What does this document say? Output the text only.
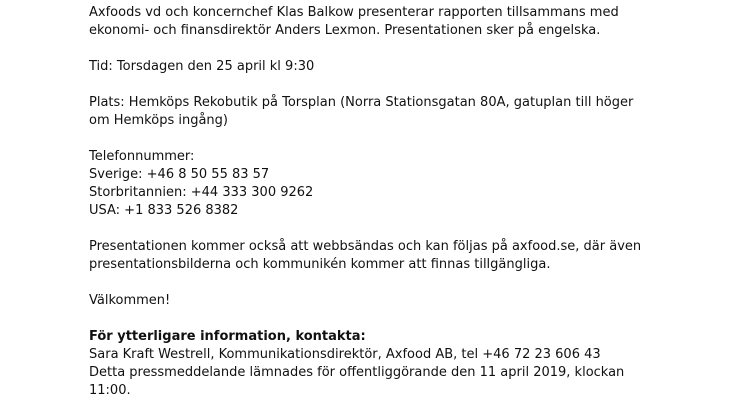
Axfoods vd och koncernchef Klas Balkow presenterar rapporten tillsammans med
ekonomi- och finansdirektör Anders Lexmon. Presentationen sker på engelska.

Tid: Torsdagen den 25 april kl 9:30

Plats: Hemköps Rekobutik på Torsplan (Norra Stationsgatan 80A, gatuplan till höger
om Hemköps ingång)

Telefonnummer:
Sverige: +46 8 50 55 83 57
Storbritannien: +44 333 300 9262
USA: +1 833 526 8382

Presentationen kommer också att webbsändas och kan följas på axfood.se, där även
presentationsbilderna och kommunikén kommer att finnas tillgängliga.

Välkommen!

För ytterligare information, kontakta:
Sara Kraft Westrell, Kommunikationsdirektör, Axfood AB, tel +46 72 23 606 43
Detta pressmeddelande lämnades för offentliggörande den 11 april 2019, klockan
11:00.
